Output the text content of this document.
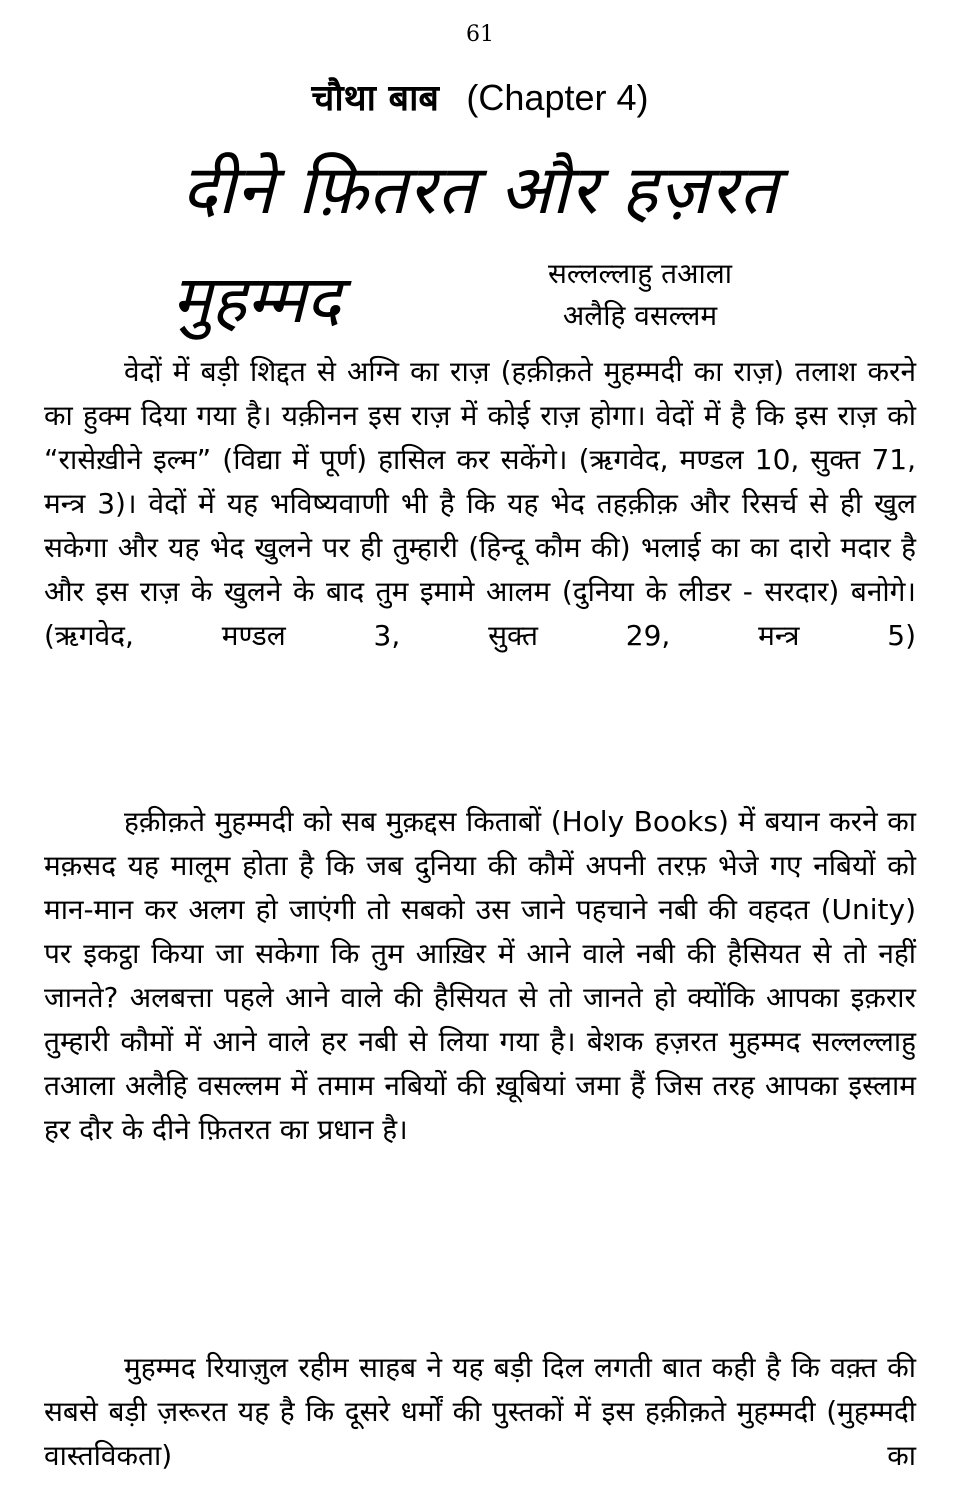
61
चौथा बाब (Chapter 4)
दीने फ़ितरत और हज़रत
मुहम्मद	सल्लल्लाहु तआला
अलैहि वसल्लम
वेदों में बड़ी शिद्दत से अग्नि का राज़ (हक़ीक़ते मुहम्मदी का राज़) तलाश करने का हुक्म दिया गया है। यक़ीनन इस राज़ में कोई राज़ होगा। वेदों में है कि इस राज़ को “रासेख़ीने इल्म” (विद्या में पूर्ण) हासिल कर सकेंगे। (ऋगवेद, मण्डल 10, सुक्त 71, मन्त्र 3)। वेदों में यह भविष्यवाणी भी है कि यह भेद तहक़ीक़ और रिसर्च से ही खुल सकेगा और यह भेद खुलने पर ही तुम्हारी (हिन्दू कौम की) भलाई का का दारो मदार है और इस राज़ के खुलने के बाद तुम इमामे आलम (दुनिया के लीडर - सरदार) बनोगे। (ऋगवेद, मण्डल 3, सुक्त 29, मन्त्र 5)
हक़ीक़ते मुहम्मदी को सब मुक़द्दस किताबों (Holy Books) में बयान करने का मक़सद यह मालूम होता है कि जब दुनिया की कौमें अपनी तरफ़ भेजे गए नबियों को मान-मान कर अलग हो जाएंगी तो सबको उस जाने पहचाने नबी की वहदत (Unity) पर इकट्ठा किया जा सकेगा कि तुम आख़िर में आने वाले नबी की हैसियत से तो नहीं जानते? अलबत्ता पहले आने वाले की हैसियत से तो जानते हो क्योंकि आपका इक़रार तुम्हारी कौमों में आने वाले हर नबी से लिया गया है। बेशक हज़रत मुहम्मद सल्लल्लाहु तआला अलैहि वसल्लम में तमाम नबियों की ख़ूबियां जमा हैं जिस तरह आपका इस्लाम हर दौर के दीने फ़ितरत का प्रधान है।
मुहम्मद रियाज़ुल रहीम साहब ने यह बड़ी दिल लगती बात कही है कि वक़्त की सबसे बड़ी ज़रूरत यह है कि दूसरे धर्मों की पुस्तकों में इस हक़ीक़ते मुहम्मदी (मुहम्मदी वास्तविकता) का
